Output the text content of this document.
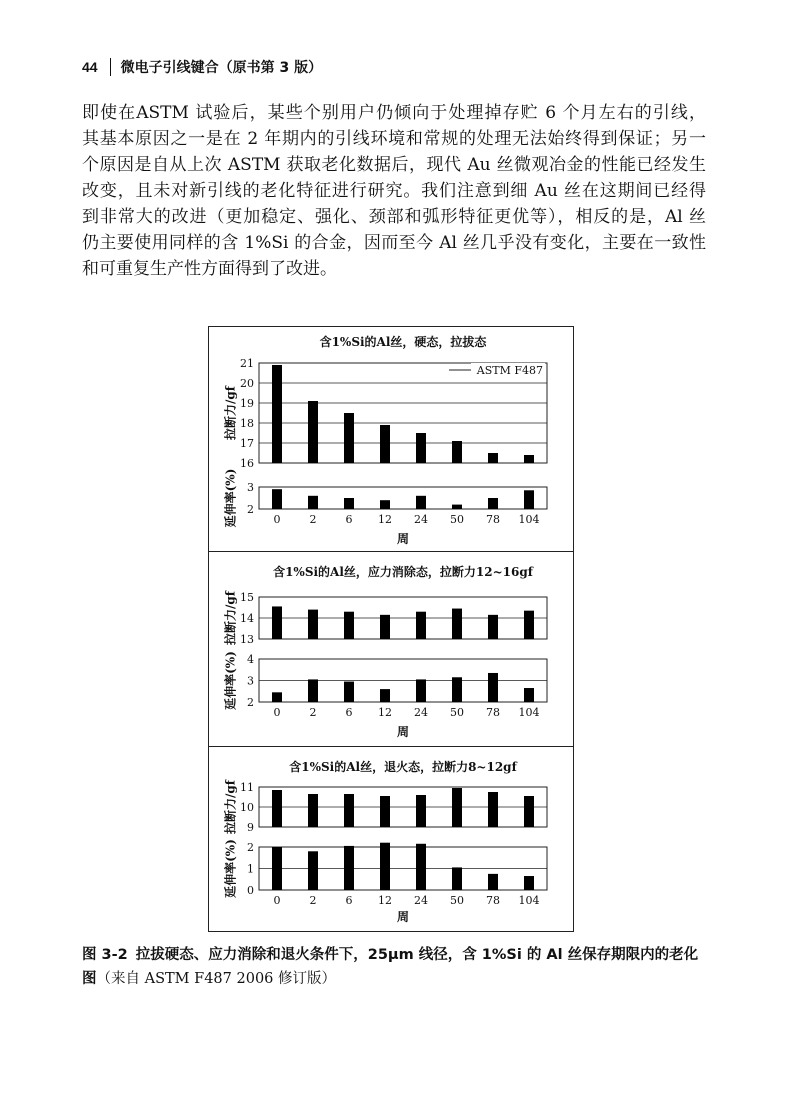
44 微电子引线键合（原书第 3 版）
即使在ASTM 试验后，某些个别用户仍倾向于处理掉存贮 6 个月左右的引线，
其基本原因之一是在 2 年期内的引线环境和常规的处理无法始终得到保证；另一
个原因是自从上次 ASTM 获取老化数据后，现代 Au 丝微观冶金的性能已经发生
改变，且未对新引线的老化特征进行研究。我们注意到细 Au 丝在这期间已经得
到非常大的改进（更加稳定、强化、颈部和弧形特征更优等），相反的是，Al 丝
仍主要使用同样的含 1%Si 的合金，因而至今 Al 丝几乎没有变化，主要在一致性
和可重复生产性方面得到了改进。
含1%Si的Al丝，硬态，拉拔态
16
17
18
19
20
21
拉断力/gf
2
3
延伸率(%)
ASTM F487
0	2	6 12 24 50 78 104
周
含1%Si的Al丝，应力消除态，拉断力12~16gf
13
14
15
拉断力/gf
2
3
4
延伸率(%)
0	2	6 12 24 50 78 104
周
含1%Si的Al丝，退火态，拉断力8~12gf
9
10
11
拉断力/gf
0
1
2
延伸率(%)
0	2	6 12 24 50 78 104
周
图 3-2 拉拔硬态、应力消除和退火条件下，25μm 线径，含 1%Si 的 Al 丝保存期限内的老化
图（来自 ASTM F487 2006 修订版）
